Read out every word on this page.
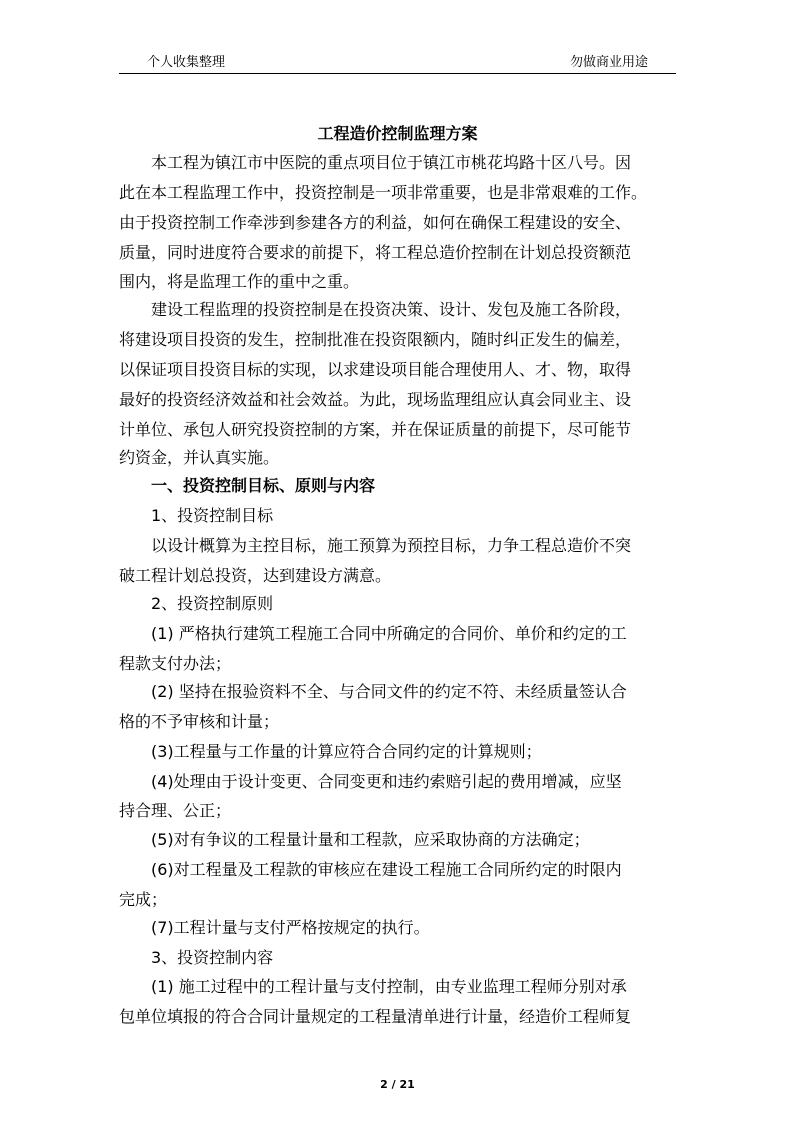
个人收集整理	勿做商业用途
工程造价控制监理方案
本工程为镇江市中医院的重点项目位于镇江市桃花坞路十区八号。因
此在本工程监理工作中，投资控制是一项非常重要，也是非常艰难的工作。
由于投资控制工作牵涉到参建各方的利益，如何在确保工程建设的安全、
质量，同时进度符合要求的前提下，将工程总造价控制在计划总投资额范
围内，将是监理工作的重中之重。
建设工程监理的投资控制是在投资决策、设计、发包及施工各阶段，
将建设项目投资的发生，控制批准在投资限额内，随时纠正发生的偏差，
以保证项目投资目标的实现，以求建设项目能合理使用人、才、物，取得
最好的投资经济效益和社会效益。为此，现场监理组应认真会同业主、设
计单位、承包人研究投资控制的方案，并在保证质量的前提下，尽可能节
约资金，并认真实施。
一、投资控制目标、原则与内容
1、投资控制目标
以设计概算为主控目标，施工预算为预控目标，力争工程总造价不突
破工程计划总投资，达到建设方满意。
2、投资控制原则
(1) 严格执行建筑工程施工合同中所确定的合同价、单价和约定的工
程款支付办法；
(2) 坚持在报验资料不全、与合同文件的约定不符、未经质量签认合
格的不予审核和计量；
(3)工程量与工作量的计算应符合合同约定的计算规则；
(4)处理由于设计变更、合同变更和违约索赔引起的费用增减，应坚
持合理、公正；
(5)对有争议的工程量计量和工程款，应采取协商的方法确定；
(6)对工程量及工程款的审核应在建设工程施工合同所约定的时限内
完成；
(7)工程计量与支付严格按规定的执行。
3、投资控制内容
(1) 施工过程中的工程计量与支付控制，由专业监理工程师分别对承
包单位填报的符合合同计量规定的工程量清单进行计量，经造价工程师复
2 / 21
